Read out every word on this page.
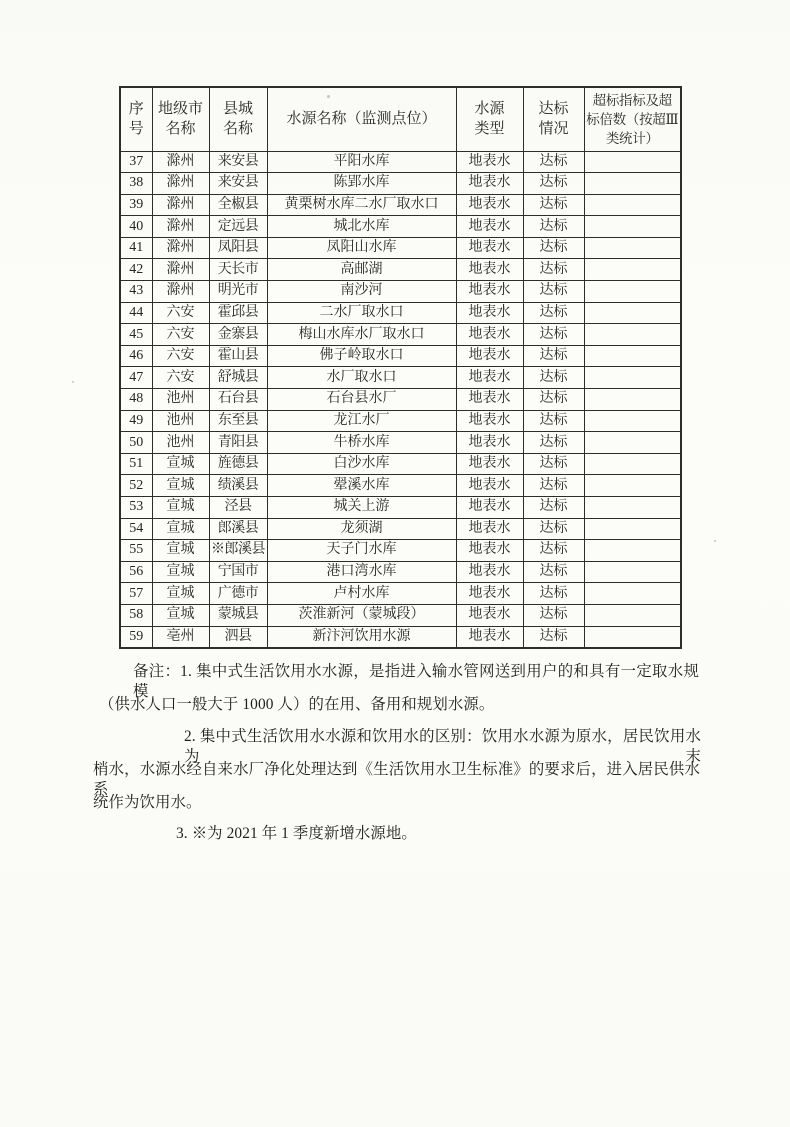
序
号

地级市
名称

县城
名称

水源名称（监测点位）

水源
类型

达标
情况

超标指标及超
标倍数（按超Ⅲ
类统计）

37	滁州	来安县	平阳水库	地表水	达标	
38	滁州	来安县	陈郢水库	地表水	达标	
39	滁州	全椒县	黄栗树水库二水厂取水口	地表水	达标	
40	滁州	定远县	城北水库	地表水	达标	
41	滁州	凤阳县	凤阳山水库	地表水	达标	
42	滁州	天长市	高邮湖	地表水	达标	
43	滁州	明光市	南沙河	地表水	达标	
44	六安	霍邱县	二水厂取水口	地表水	达标	
45	六安	金寨县	梅山水库水厂取水口	地表水	达标	
46	六安	霍山县	佛子岭取水口	地表水	达标	
47	六安	舒城县	水厂取水口	地表水	达标	
48	池州	石台县	石台县水厂	地表水	达标	
49	池州	东至县	龙江水厂	地表水	达标	
50	池州	青阳县	牛桥水库	地表水	达标	
51	宣城	旌德县	白沙水库	地表水	达标	
52	宣城	绩溪县	翚溪水库	地表水	达标	
53	宣城	泾县	城关上游	地表水	达标	
54	宣城	郎溪县	龙须湖	地表水	达标	
55	宣城	※郎溪县	天子门水库	地表水	达标	
56	宣城	宁国市	港口湾水库	地表水	达标	
57	宣城	广德市	卢村水库	地表水	达标	
58	宣城	蒙城县	茨淮新河（蒙城段）	地表水	达标	
59	亳州	泗县	新汴河饮用水源	地表水	达标	
备注：1. 集中式生活饮用水水源，是指进入输水管网送到用户的和具有一定取水规模
（供水人口一般大于 1000 人）的在用、备用和规划水源。
2. 集中式生活饮用水水源和饮用水的区别：饮用水水源为原水，居民饮用水为末
梢水，水源水经自来水厂净化处理达到《生活饮用水卫生标准》的要求后，进入居民供水系
统作为饮用水。
3. ※为 2021 年 1 季度新增水源地。
